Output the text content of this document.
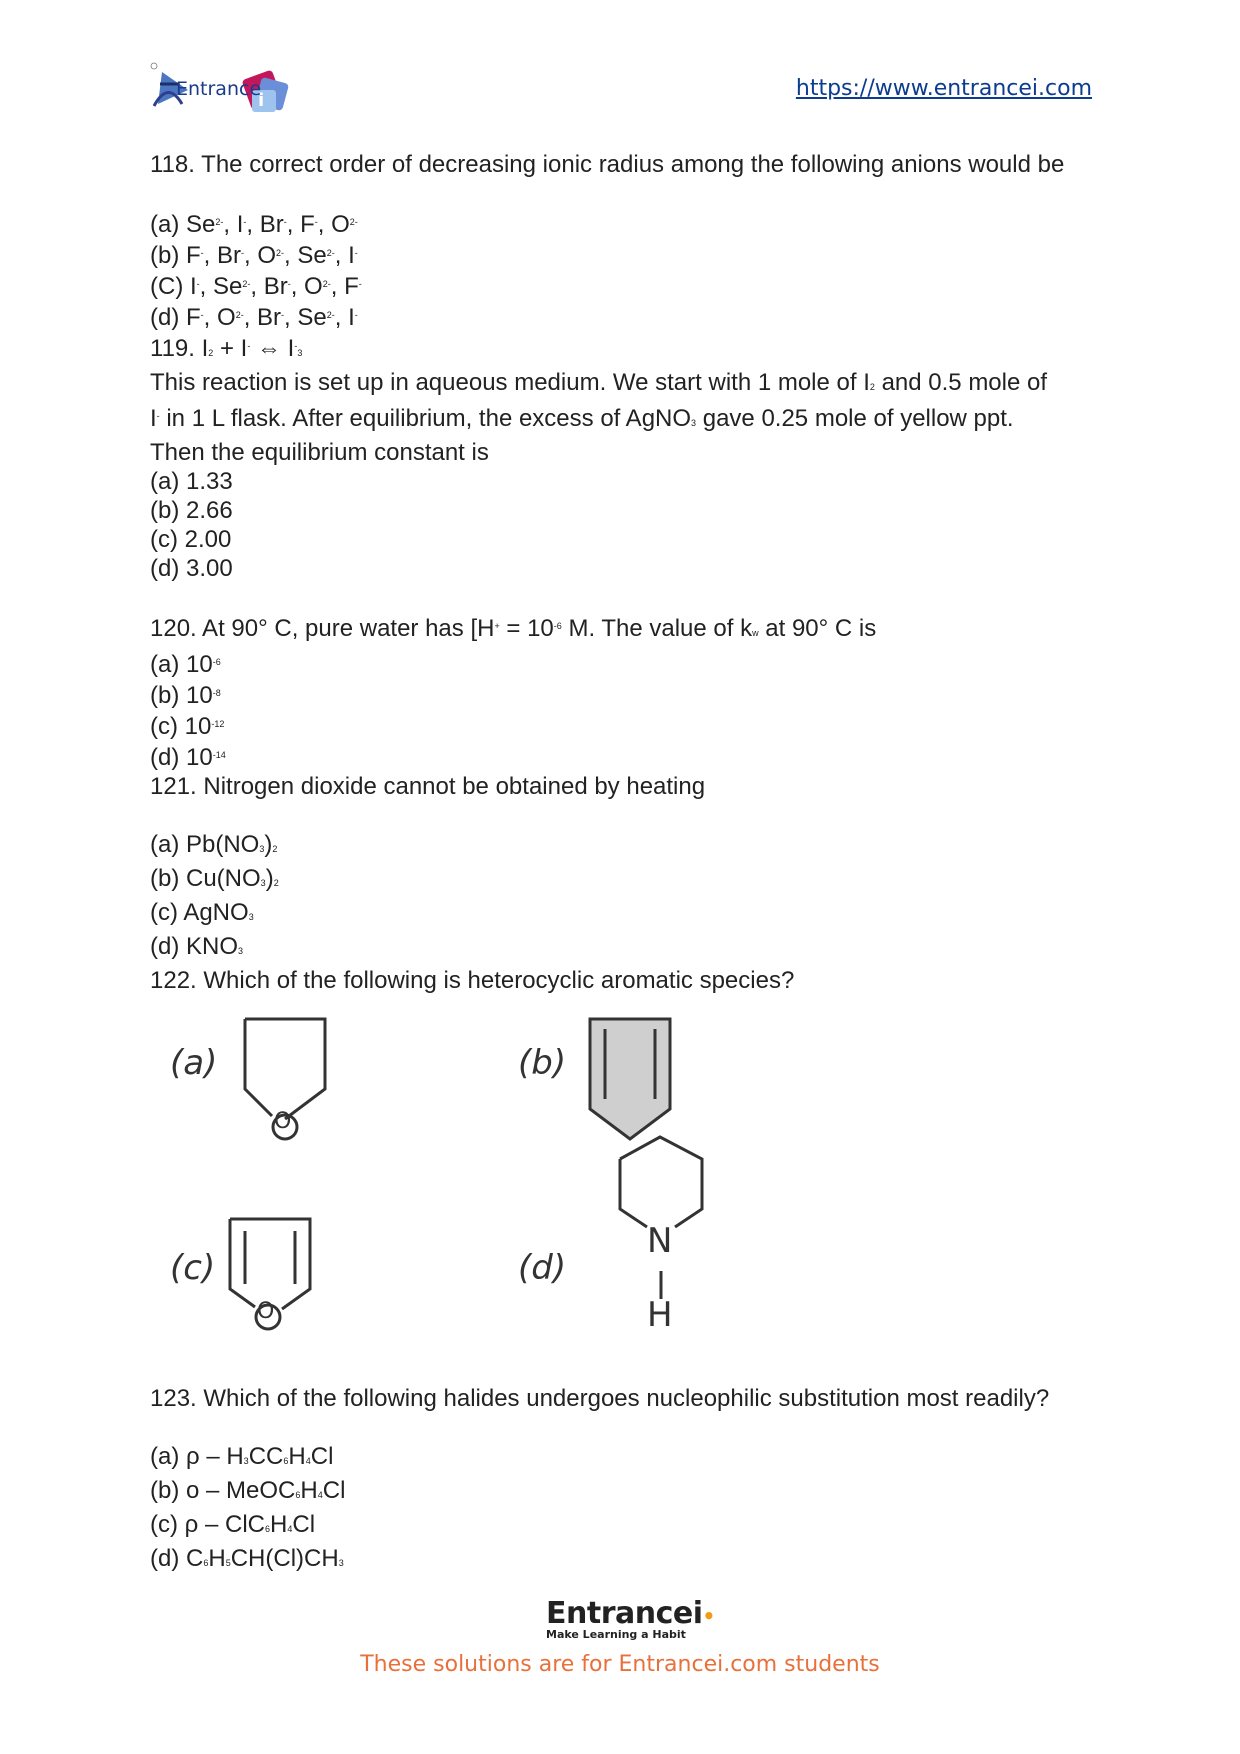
i
Entrance	https://www.entrancei.com
118. The correct order of decreasing ionic radius among the following anions would be
(a) $Se^{2-}$, I-, Br-, F-, $O^{2-}$
(b) F-, Br-, $O^{2-}$, $Se^{2-}$, I-
(C) I-, $Se^{2-}$, Br-, $O^{2-}$, F-
(d) F-, $O^{2-}$, Br-, $Se^{2-}$, I-
119. I2 + I- ⇔ I-3
This reaction is set up in aqueous medium. We start with 1 mole of I2 and 0.5 mole of
I- in 1 L flask. After equilibrium, the excess of AgNO3 gave 0.25 mole of yellow ppt.
Then the equilibrium constant is
(a) 1.33
(b) 2.66
(c) 2.00
(d) 3.00
120. At 90° C, pure water has [$H^+ = 10^{-6}$ M. The value of kw at 90° C is
(a) $10^{-6}$
(b) $10^{-8}$
(c) $10^{-12}$
(d) $10^{-14}$
121. Nitrogen dioxide cannot be obtained by heating
(a) Pb(NO3)2
(b) Cu(NO3)2
(c) AgNO3
(d) KNO3
122. Which of the following is heterocyclic aromatic species?
(a)	(b)
(c)	(d)
O
O
N
H
123. Which of the following halides undergoes nucleophilic substitution most readily?
(a) ρ – H3CC6H4Cl
(b) o – MeOC6H4Cl
(c) ρ – ClC6H4Cl
(d) C6H5CH(Cl)CH3
Entrancei•
Make Learning a Habit
These solutions are for Entrancei.com students
